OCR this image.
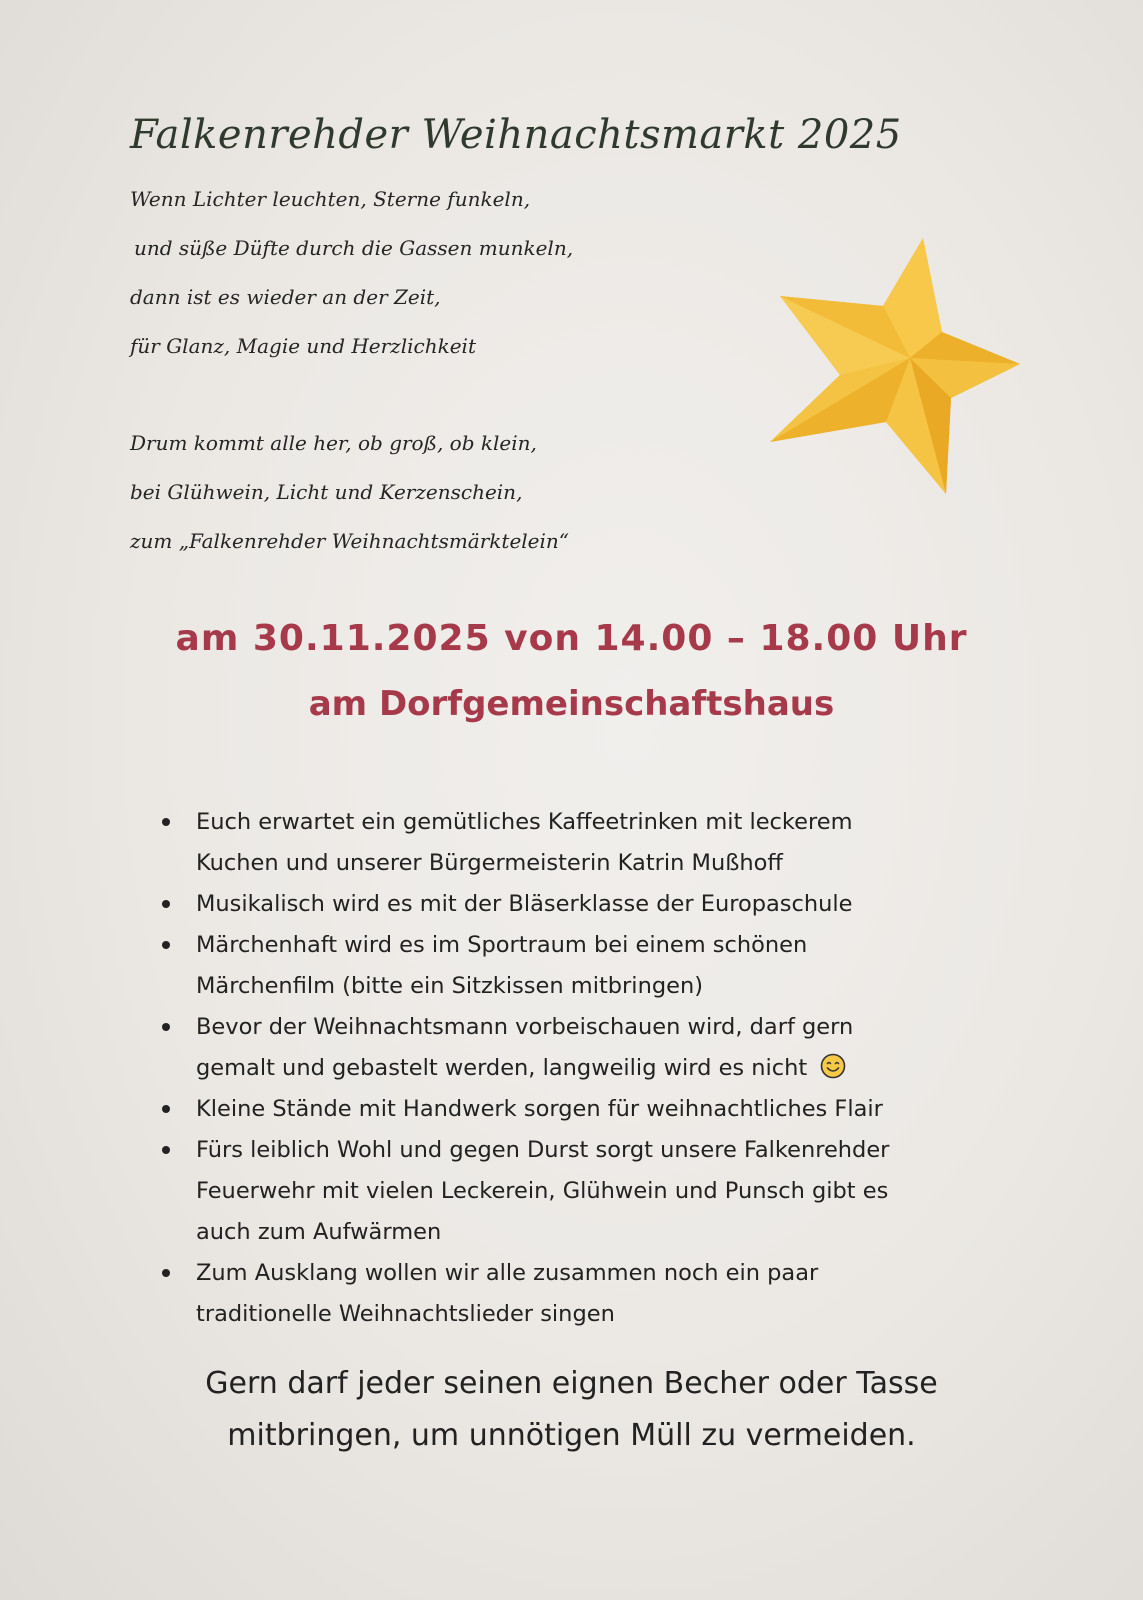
Falkenrehder Weihnachtsmarkt 2025
Wenn Lichter leuchten, Sterne funkeln,
und süße Düfte durch die Gassen munkeln,
dann ist es wieder an der Zeit,
für Glanz, Magie und Herzlichkeit
Drum kommt alle her, ob groß, ob klein,
bei Glühwein, Licht und Kerzenschein,
zum „Falkenrehder Weihnachtsmärktelein“
am 30.11.2025 von 14.00 – 18.00 Uhr
am Dorfgemeinschaftshaus
Euch erwartet ein gemütliches Kaffeetrinken mit leckerem
Kuchen und unserer Bürgermeisterin Katrin Mußhoff
Musikalisch wird es mit der Bläserklasse der Europaschule
Märchenhaft wird es im Sportraum bei einem schönen
Märchenfilm (bitte ein Sitzkissen mitbringen)
Bevor der Weihnachtsmann vorbeischauen wird, darf gern
gemalt und gebastelt werden, langweilig wird es nicht
Kleine Stände mit Handwerk sorgen für weihnachtliches Flair
Fürs leiblich Wohl und gegen Durst sorgt unsere Falkenrehder
Feuerwehr mit vielen Leckerein, Glühwein und Punsch gibt es
auch zum Aufwärmen
Zum Ausklang wollen wir alle zusammen noch ein paar
traditionelle Weihnachtslieder singen
Gern darf jeder seinen eignen Becher oder Tasse
mitbringen, um unnötigen Müll zu vermeiden.
